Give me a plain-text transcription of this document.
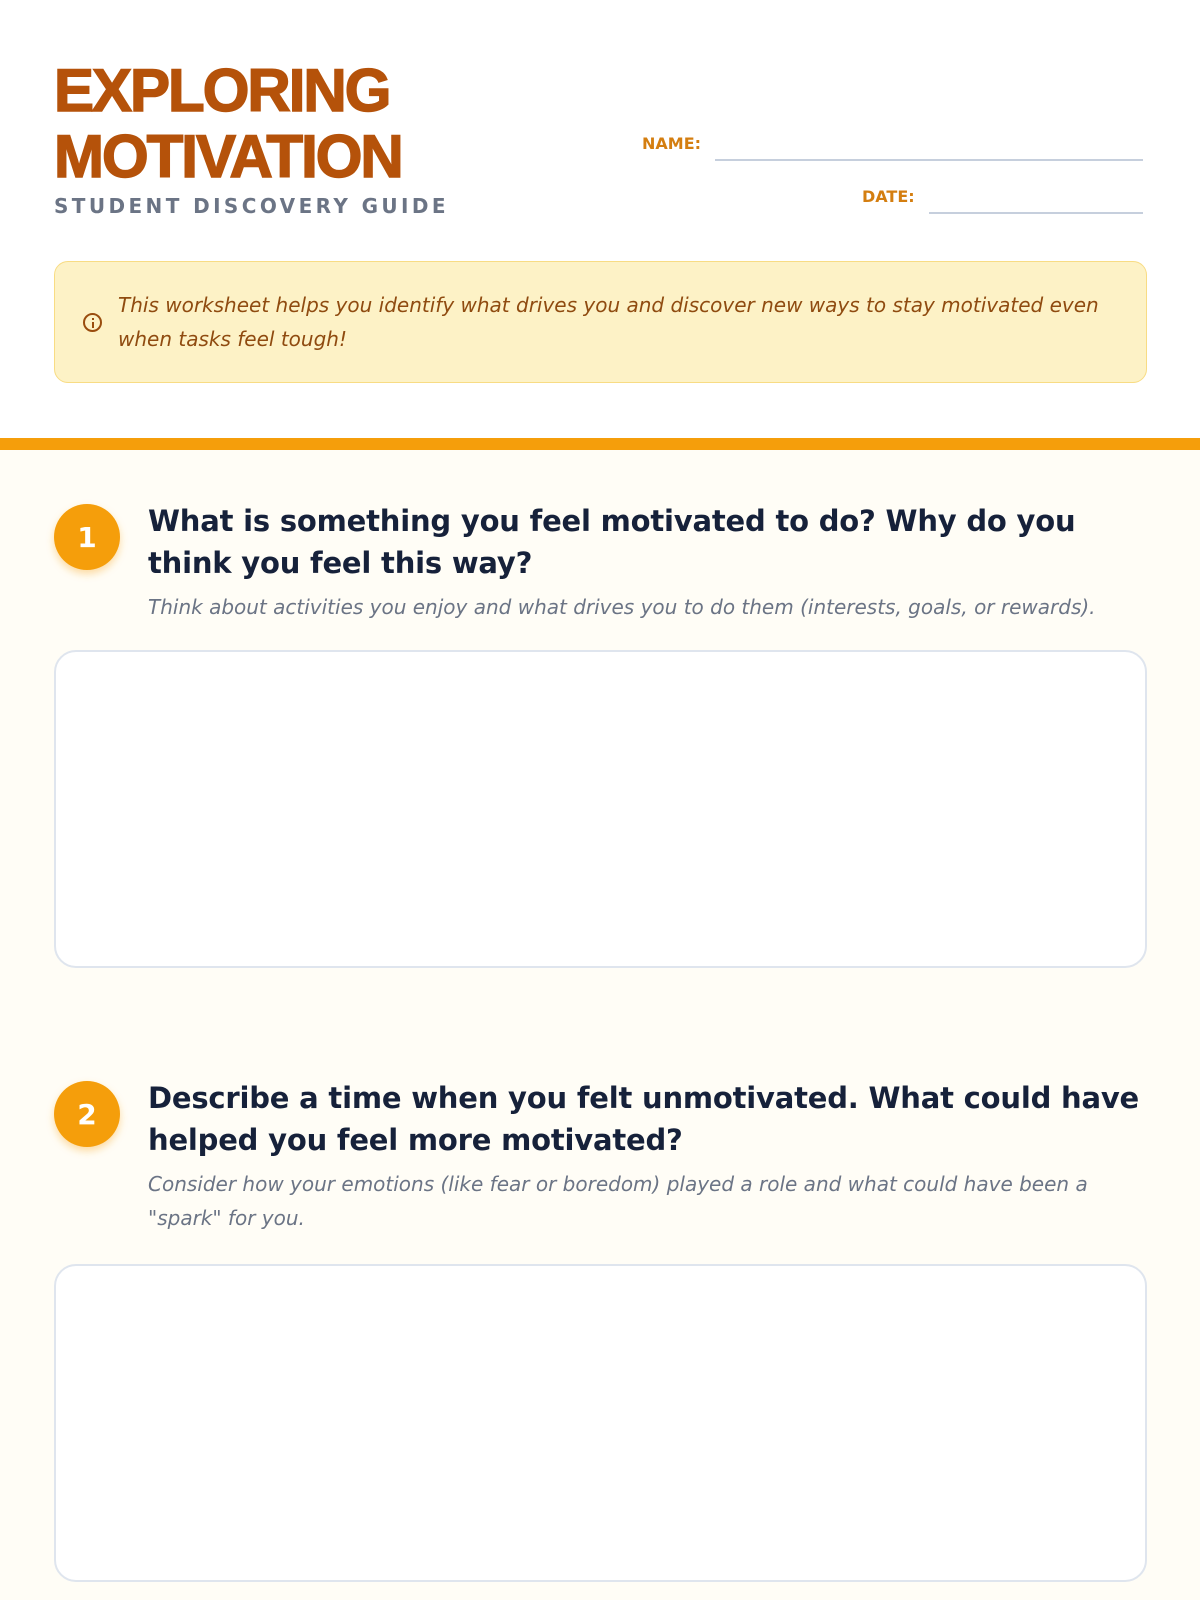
EXPLORING
MOTIVATION
STUDENT DISCOVERY GUIDE
NAME:
DATE:

This worksheet helps you identify what drives you and discover new ways to stay motivated even when tasks feel tough!

1	What is something you feel motivated to do? Why do you think you feel this way?
Think about activities you enjoy and what drives you to do them (interests, goals, or rewards).
2	Describe a time when you felt unmotivated. What could have helped you feel more motivated?
Consider how your emotions (like fear or boredom) played a role and what could have been a "spark" for you.
